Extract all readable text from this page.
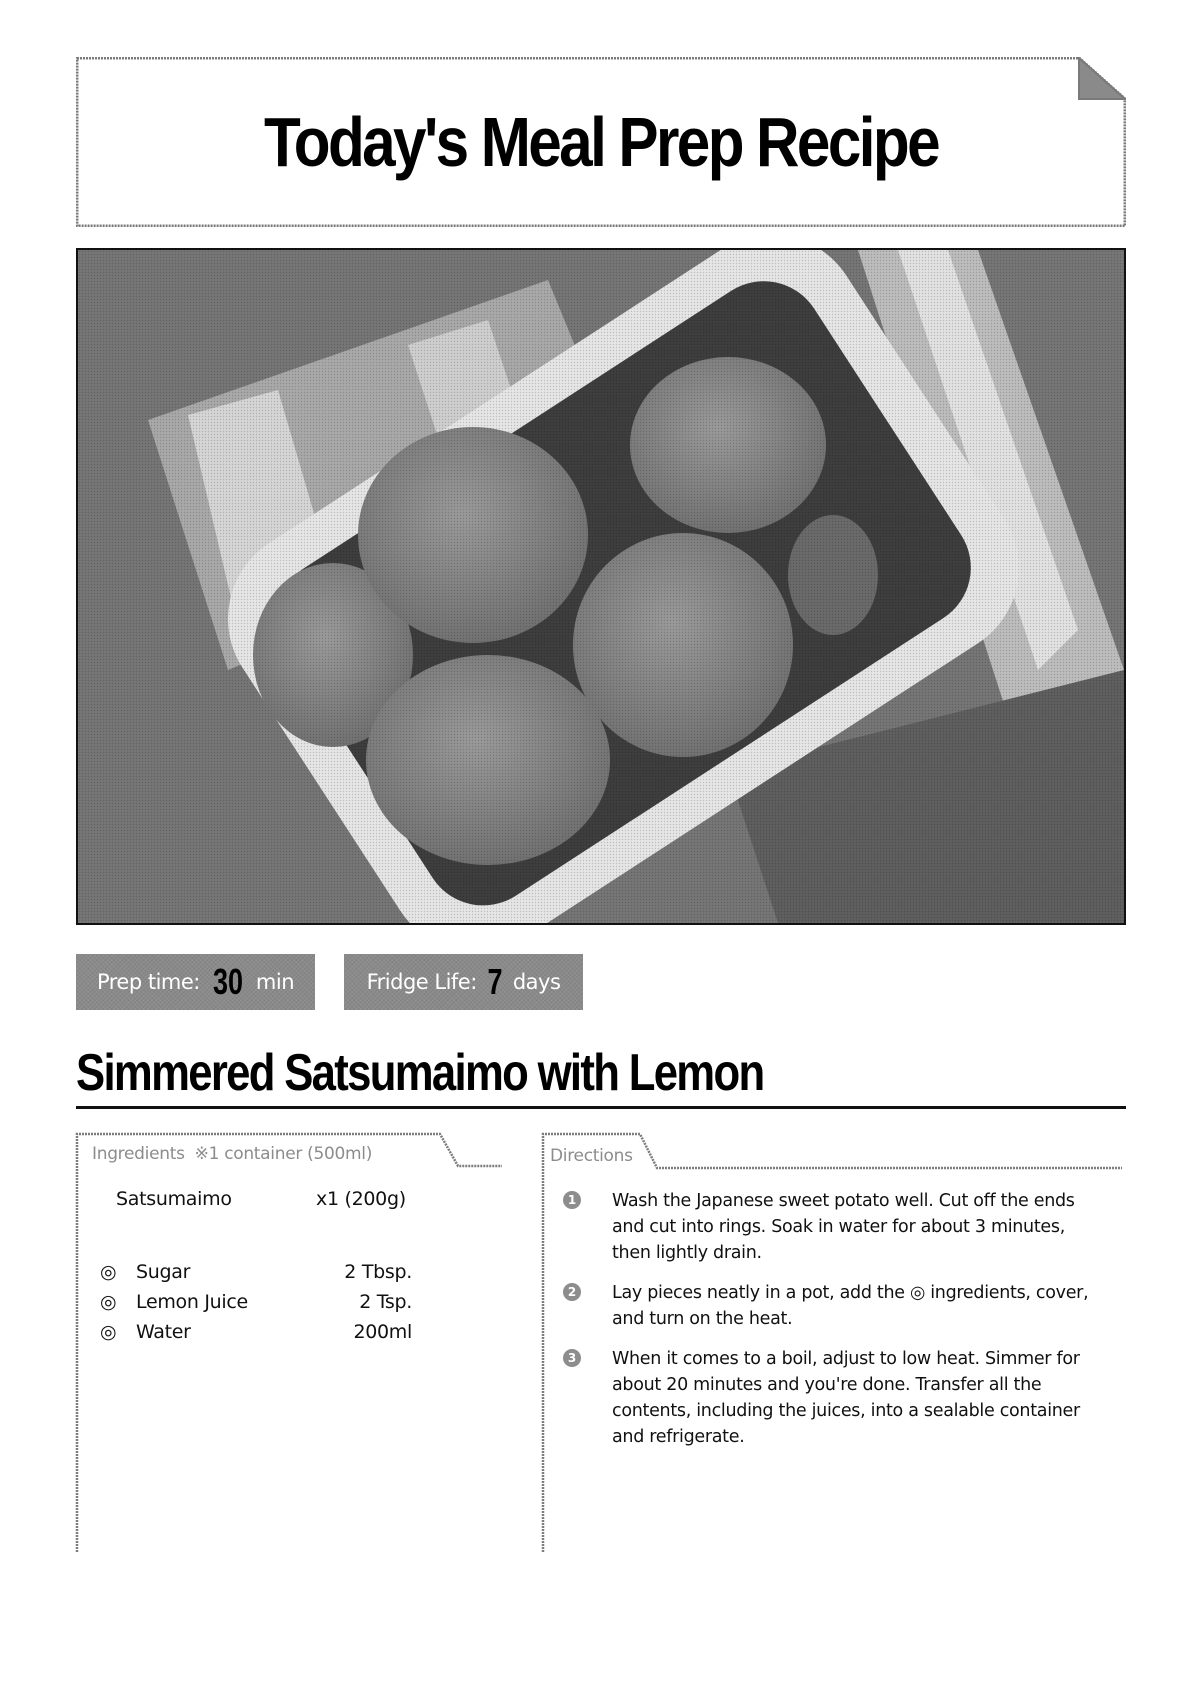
Today's Meal Prep Recipe
Prep time: 30 min	Fridge Life: 7 days
Simmered Satsumaimo with Lemon
Ingredients ※1 container (500ml)
Satsumaimo	x1 (200g)
◎ Sugar	2 Tbsp.
◎ Lemon Juice	2 Tsp.
◎ Water	200ml
Directions
1 Wash the Japanese sweet potato well. Cut off the ends and cut into rings. Soak in water for about 3 minutes, then lightly drain.

2 Lay pieces neatly in a pot, add the ◎ ingredients, cover, and turn on the heat.

3 When it comes to a boil, adjust to low heat. Simmer for about 20 minutes and you're done. Transfer all the contents, including the juices, into a sealable container and refrigerate.
